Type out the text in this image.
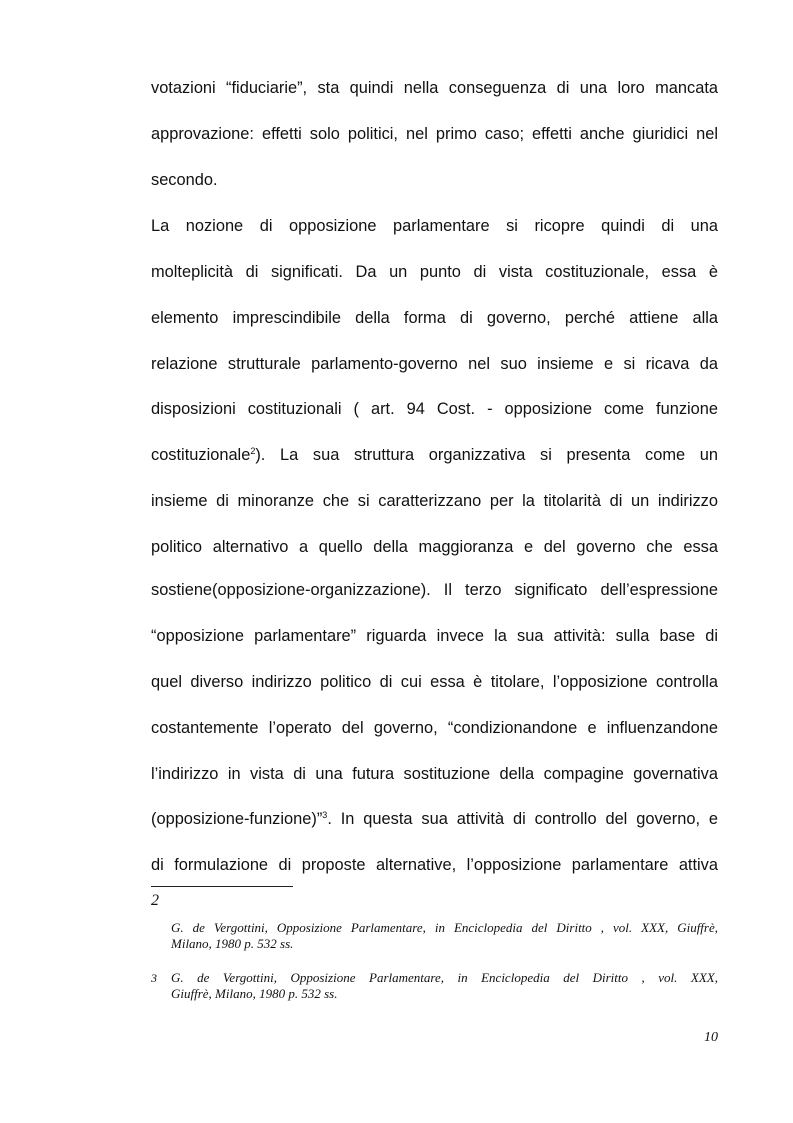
votazioni “fiduciarie”, sta quindi nella conseguenza di una loro mancata
approvazione: effetti solo politici, nel primo caso; effetti anche giuridici nel
secondo.
La nozione di opposizione parlamentare si ricopre quindi di una
molteplicità di significati. Da un punto di vista costituzionale, essa è
elemento imprescindibile della forma di governo, perché attiene alla
relazione strutturale parlamento-governo nel suo insieme e si ricava da
disposizioni costituzionali ( art. 94 Cost. - opposizione come funzione
costituzionale$^2$). La sua struttura organizzativa si presenta come un
insieme di minoranze che si caratterizzano per la titolarità di un indirizzo
politico alternativo a quello della maggioranza e del governo che essa
sostiene(opposizione-organizzazione). Il terzo significato dell’espressione
“opposizione parlamentare” riguarda invece la sua attività: sulla base di
quel diverso indirizzo politico di cui essa è titolare, l’opposizione controlla
costantemente l’operato del governo, “condizionandone e influenzandone
l’indirizzo in vista di una futura sostituzione della compagine governativa
(opposizione-funzione)”$^3$. In questa sua attività di controllo del governo, e
di formulazione di proposte alternative, l’opposizione parlamentare attiva
2
G. de Vergottini, Opposizione Parlamentare, in Enciclopedia del Diritto , vol. XXX, Giuffrè,
Milano, 1980 p. 532 ss.
3 G. de Vergottini, Opposizione Parlamentare, in Enciclopedia del Diritto , vol. XXX,
Giuffrè, Milano, 1980 p. 532 ss.
10
